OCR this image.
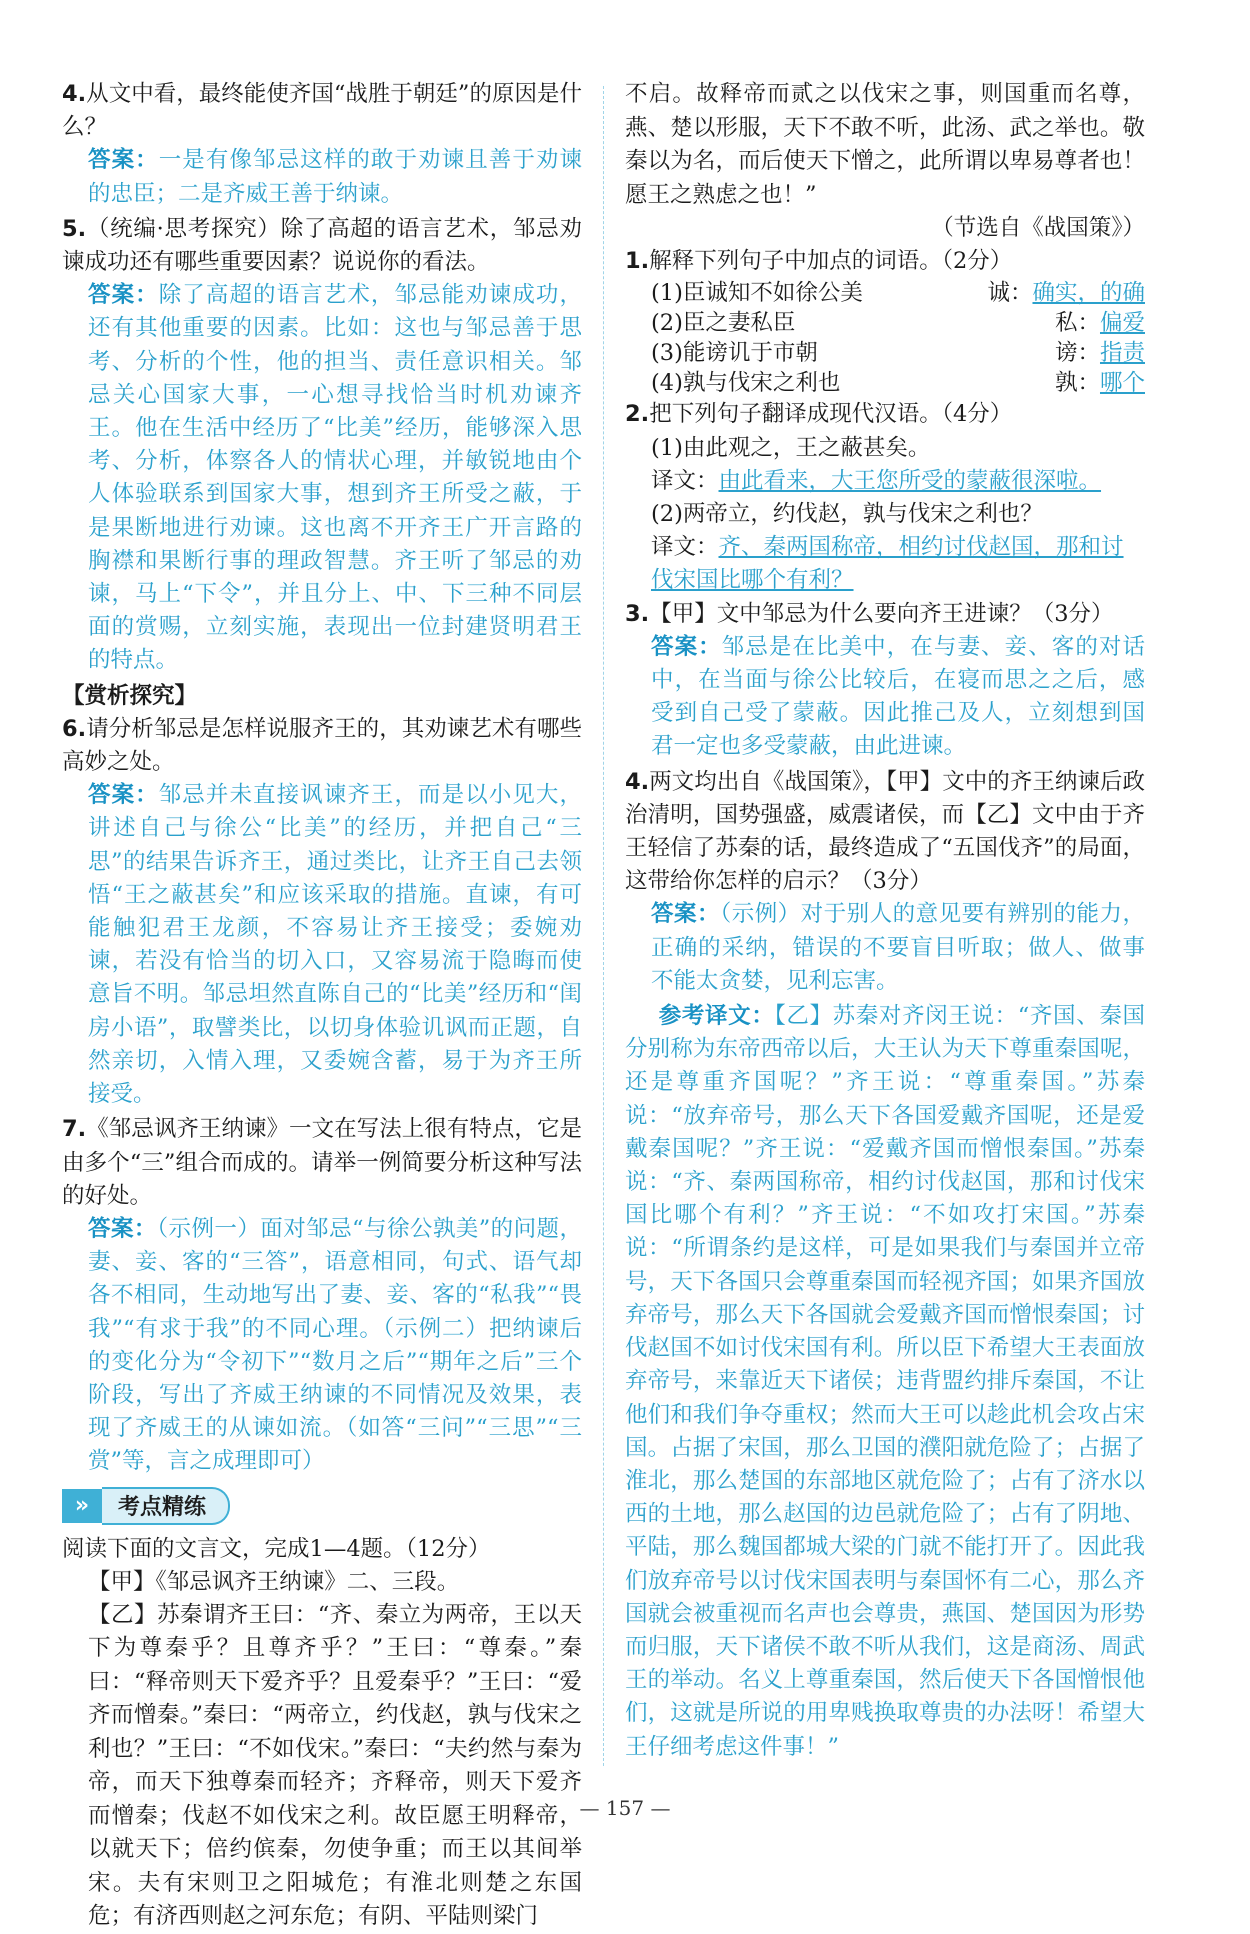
4.从文中看，最终能使齐国“战胜于朝廷”的原因是什么？

答案：一是有像邹忌这样的敢于劝谏且善于劝谏的忠臣；二是齐威王善于纳谏。

5.（统编·思考探究）除了高超的语言艺术，邹忌劝谏成功还有哪些重要因素？说说你的看法。

答案：除了高超的语言艺术，邹忌能劝谏成功，还有其他重要的因素。比如：这也与邹忌善于思考、分析的个性，他的担当、责任意识相关。邹忌关心国家大事，一心想寻找恰当时机劝谏齐王。他在生活中经历了“比美”经历，能够深入思考、分析，体察各人的情状心理，并敏锐地由个人体验联系到国家大事，想到齐王所受之蔽，于是果断地进行劝谏。这也离不开齐王广开言路的胸襟和果断行事的理政智慧。齐王听了邹忌的劝谏，马上“下令”，并且分上、中、下三种不同层面的赏赐，立刻实施，表现出一位封建贤明君王的特点。

【赏析探究】

6.请分析邹忌是怎样说服齐王的，其劝谏艺术有哪些高妙之处。

答案：邹忌并未直接讽谏齐王，而是以小见大，讲述自己与徐公“比美”的经历，并把自己“三思”的结果告诉齐王，通过类比，让齐王自己去领悟“王之蔽甚矣”和应该采取的措施。直谏，有可能触犯君王龙颜，不容易让齐王接受；委婉劝谏，若没有恰当的切入口，又容易流于隐晦而使意旨不明。邹忌坦然直陈自己的“比美”经历和“闺房小语”，取譬类比，以切身体验讥讽而正题，自然亲切，入情入理，又委婉含蓄，易于为齐王所接受。

7.《邹忌讽齐王纳谏》一文在写法上很有特点，它是由多个“三”组合而成的。请举一例简要分析这种写法的好处。

答案：（示例一）面对邹忌“与徐公孰美”的问题，妻、妾、客的“三答”，语意相同，句式、语气却各不相同，生动地写出了妻、妾、客的“私我”“畏我”“有求于我”的不同心理。（示例二）把纳谏后的变化分为“令初下”“数月之后”“期年之后”三个阶段，写出了齐威王纳谏的不同情况及效果，表现了齐威王的从谏如流。（如答“三问”“三思”“三赏”等，言之成理即可）

»	考点精练

阅读下面的文言文，完成1—4题。（12分）

【甲】《邹忌讽齐王纳谏》二、三段。

【乙】苏秦谓齐王曰：“齐、秦立为两帝，王以天下为尊秦乎？且尊齐乎？”王曰：“尊秦。”秦曰：“释帝则天下爱齐乎？且爱秦乎？”王曰：“爱齐而憎秦。”秦曰：“两帝立，约伐赵，孰与伐宋之利也？”王曰：“不如伐宋。”秦曰：“夫约然与秦为帝，而天下独尊秦而轻齐；齐释帝，则天下爱齐而憎秦；伐赵不如伐宋之利。故臣愿王明释帝，以就天下；倍约傧秦，勿使争重；而王以其间举宋。夫有宋则卫之阳城危；有淮北则楚之东国危；有济西则赵之河东危；有阴、平陆则梁门

不启。故释帝而贰之以伐宋之事，则国重而名尊，燕、楚以形服，天下不敢不听，此汤、武之举也。敬秦以为名，而后使天下憎之，此所谓以卑易尊者也！愿王之熟虑之也！”

（节选自《战国策》）

1.解释下列句子中加点的词语。（2分）

(1)臣诚知不如徐公美	诚：确实，的确
(2)臣之妻私臣	私：偏爱
(3)能谤讥于市朝	谤：指责
(4)孰与伐宋之利也	孰：哪个

2.把下列句子翻译成现代汉语。（4分）

(1)由此观之，王之蔽甚矣。
译文：由此看来，大王您所受的蒙蔽很深啦。
(2)两帝立，约伐赵，孰与伐宋之利也？
译文：齐、秦两国称帝，相约讨伐赵国，那和讨伐宋国比哪个有利？

3.【甲】文中邹忌为什么要向齐王进谏？（3分）

答案：邹忌是在比美中，在与妻、妾、客的对话中，在当面与徐公比较后，在寝而思之之后，感受到自己受了蒙蔽。因此推己及人，立刻想到国君一定也多受蒙蔽，由此进谏。

4.两文均出自《战国策》，【甲】文中的齐王纳谏后政治清明，国势强盛，威震诸侯，而【乙】文中由于齐王轻信了苏秦的话，最终造成了“五国伐齐”的局面，这带给你怎样的启示？（3分）

答案：（示例）对于别人的意见要有辨别的能力，正确的采纳，错误的不要盲目听取；做人、做事不能太贪婪，见利忘害。

参考译文：【乙】苏秦对齐闵王说：“齐国、秦国分别称为东帝西帝以后，大王认为天下尊重秦国呢，还是尊重齐国呢？”齐王说：“尊重秦国。”苏秦说：“放弃帝号，那么天下各国爱戴齐国呢，还是爱戴秦国呢？”齐王说：“爱戴齐国而憎恨秦国。”苏秦说：“齐、秦两国称帝，相约讨伐赵国，那和讨伐宋国比哪个有利？”齐王说：“不如攻打宋国。”苏秦说：“所谓条约是这样，可是如果我们与秦国并立帝号，天下各国只会尊重秦国而轻视齐国；如果齐国放弃帝号，那么天下各国就会爱戴齐国而憎恨秦国；讨伐赵国不如讨伐宋国有利。所以臣下希望大王表面放弃帝号，来靠近天下诸侯；违背盟约排斥秦国，不让他们和我们争夺重权；然而大王可以趁此机会攻占宋国。占据了宋国，那么卫国的濮阳就危险了；占据了淮北，那么楚国的东部地区就危险了；占有了济水以西的土地，那么赵国的边邑就危险了；占有了阴地、平陆，那么魏国都城大梁的门就不能打开了。因此我们放弃帝号以讨伐宋国表明与秦国怀有二心，那么齐国就会被重视而名声也会尊贵，燕国、楚国因为形势而归服，天下诸侯不敢不听从我们，这是商汤、周武王的举动。名义上尊重秦国，然后使天下各国憎恨他们，这就是所说的用卑贱换取尊贵的办法呀！希望大王仔细考虑这件事！”

— 157 —
